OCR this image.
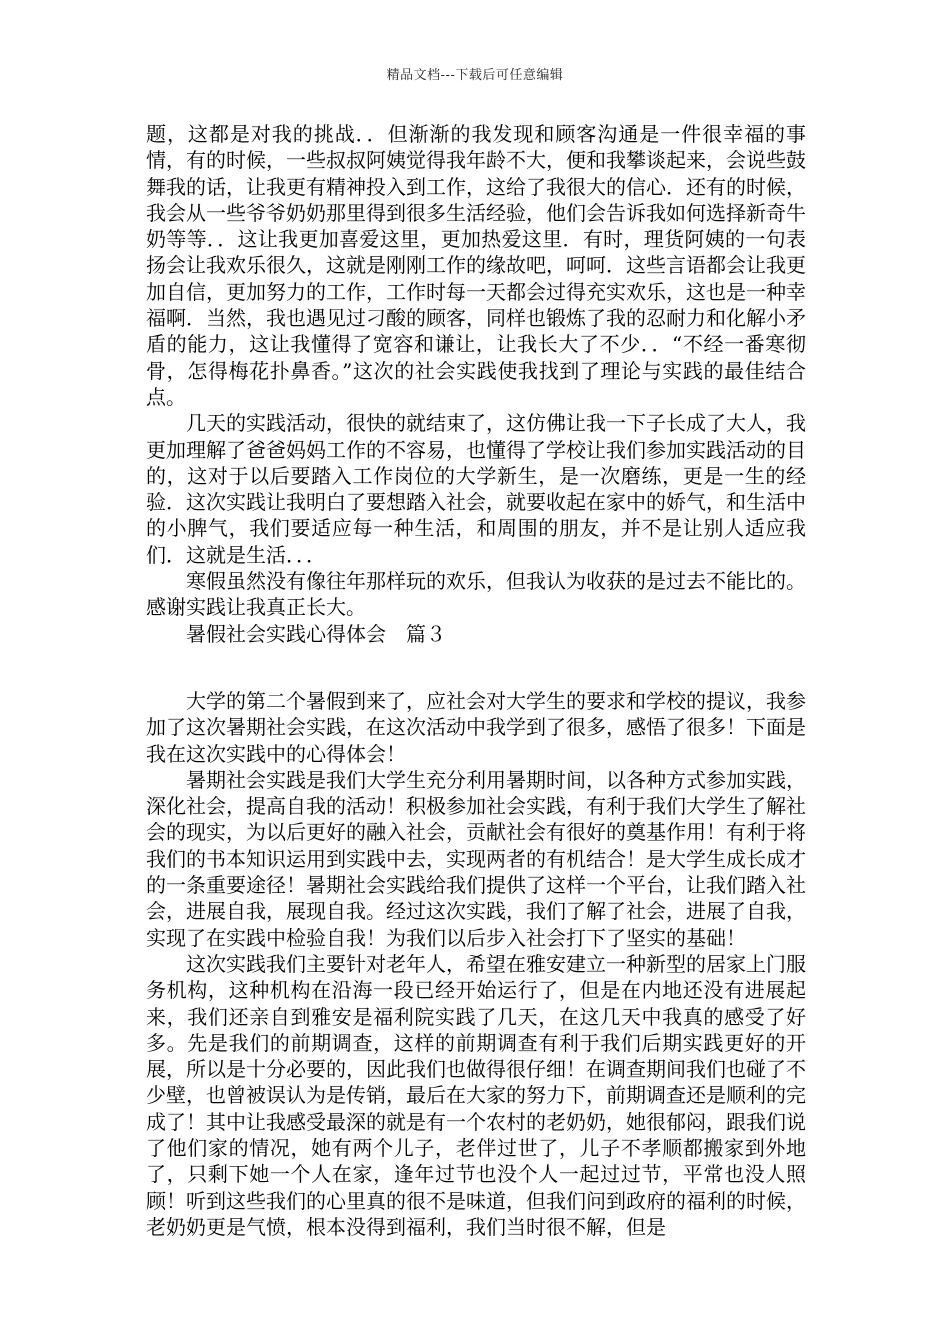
精品文档---下载后可任意编辑

题，这都是对我的挑战．．但渐渐的我发现和顾客沟通是一件很幸福的事情，有的时候，一些叔叔阿姨觉得我年龄不大，便和我攀谈起来，会说些鼓舞我的话，让我更有精神投入到工作，这给了我很大的信心．还有的时候，我会从一些爷爷奶奶那里得到很多生活经验，他们会告诉我如何选择新奇牛奶等等．．这让我更加喜爱这里，更加热爱这里．有时，理货阿姨的一句表扬会让我欢乐很久，这就是刚刚工作的缘故吧，呵呵．这些言语都会让我更加自信，更加努力的工作，工作时每一天都会过得充实欢乐，这也是一种幸福啊．当然，我也遇见过刁酸的顾客，同样也锻炼了我的忍耐力和化解小矛盾的能力，这让我懂得了宽容和谦让，让我长大了不少．．“不经一番寒彻骨，怎得梅花扑鼻香。”这次的社会实践使我找到了理论与实践的最佳结合点。

几天的实践活动，很快的就结束了，这仿佛让我一下子长成了大人，我更加理解了爸爸妈妈工作的不容易，也懂得了学校让我们参加实践活动的目的，这对于以后要踏入工作岗位的大学新生，是一次磨练，更是一生的经验．这次实践让我明白了要想踏入社会，就要收起在家中的娇气，和生活中的小脾气，我们要适应每一种生活，和周围的朋友，并不是让别人适应我们．这就是生活．．．

寒假虽然没有像往年那样玩的欢乐，但我认为收获的是过去不能比的。感谢实践让我真正长大。

暑假社会实践心得体会　篇３

大学的第二个暑假到来了，应社会对大学生的要求和学校的提议，我参加了这次暑期社会实践，在这次活动中我学到了很多，感悟了很多！下面是我在这次实践中的心得体会！

暑期社会实践是我们大学生充分利用暑期时间，以各种方式参加实践，深化社会，提高自我的活动！积极参加社会实践，有利于我们大学生了解社会的现实，为以后更好的融入社会，贡献社会有很好的奠基作用！有利于将我们的书本知识运用到实践中去，实现两者的有机结合！是大学生成长成才的一条重要途径！暑期社会实践给我们提供了这样一个平台，让我们踏入社会，进展自我，展现自我。经过这次实践，我们了解了社会，进展了自我，实现了在实践中检验自我！为我们以后步入社会打下了坚实的基础！

这次实践我们主要针对老年人，希望在雅安建立一种新型的居家上门服务机构，这种机构在沿海一段已经开始运行了，但是在内地还没有进展起来，我们还亲自到雅安是福利院实践了几天，在这几天中我真的感受了好多。先是我们的前期调查，这样的前期调查有利于我们后期实践更好的开展，所以是十分必要的，因此我们也做得很仔细！在调查期间我们也碰了不少壁，也曾被误认为是传销，最后在大家的努力下，前期调查还是顺利的完成了！其中让我感受最深的就是有一个农村的老奶奶，她很郁闷，跟我们说了他们家的情况，她有两个儿子，老伴过世了，儿子不孝顺都搬家到外地了，只剩下她一个人在家，逢年过节也没个人一起过过节，平常也没人照顾！听到这些我们的心里真的很不是味道，但我们问到政府的福利的时候，老奶奶更是气愤，根本没得到福利，我们当时很不解，但是
